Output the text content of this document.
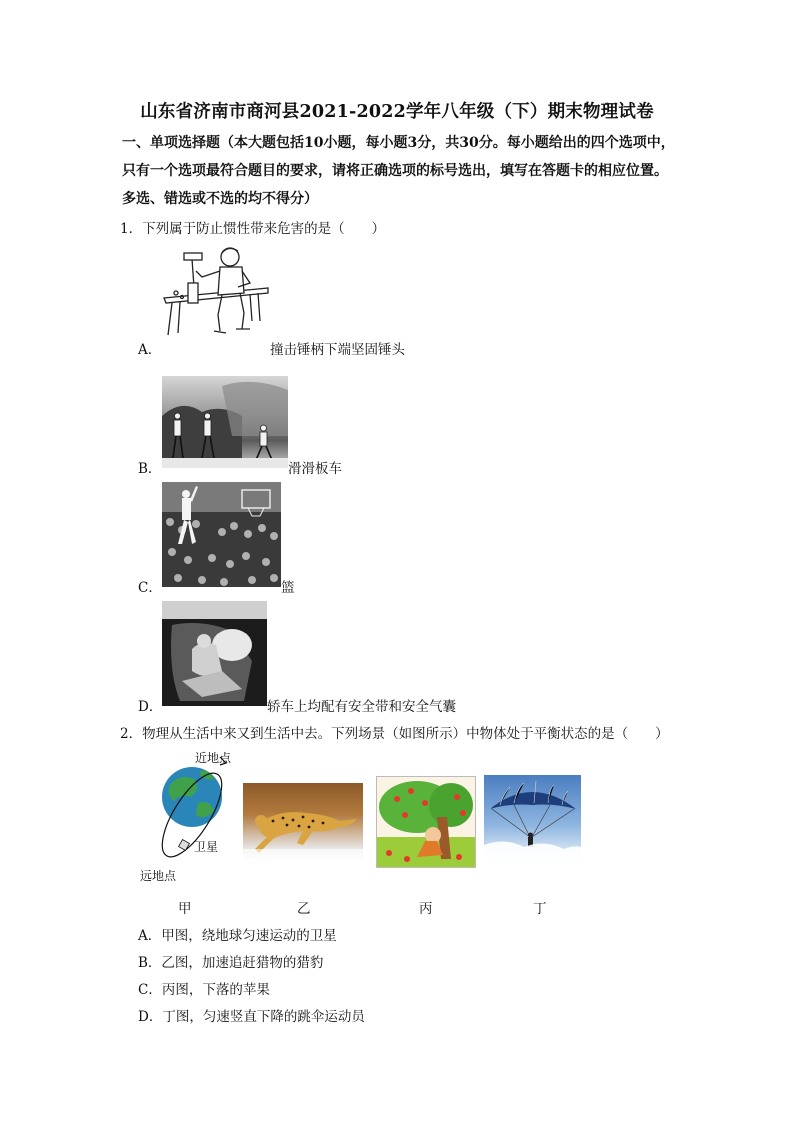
山东省济南市商河县2021-2022学年八年级（下）期末物理试卷
一、单项选择题（本大题包括10小题，每小题3分，共30分。每小题给出的四个选项中，
只有一个选项最符合题目的要求，请将正确选项的标号选出，填写在答题卡的相应位置。
多选、错选或不选的均不得分）
1．下列属于防止惯性带来危害的是（　　）
A．	撞击锤柄下端坚固锤头
B．	滑滑板车
C．	篮
D．	轿车上均配有安全带和安全气囊
2．物理从生活中来又到生活中去。下列场景（如图所示）中物体处于平衡状态的是（　　）
近地点
卫星
远地点
甲	乙	丙	丁
A．甲图，绕地球匀速运动的卫星
B．乙图，加速追赶猎物的猎豹
C．丙图，下落的苹果
D．丁图，匀速竖直下降的跳伞运动员
